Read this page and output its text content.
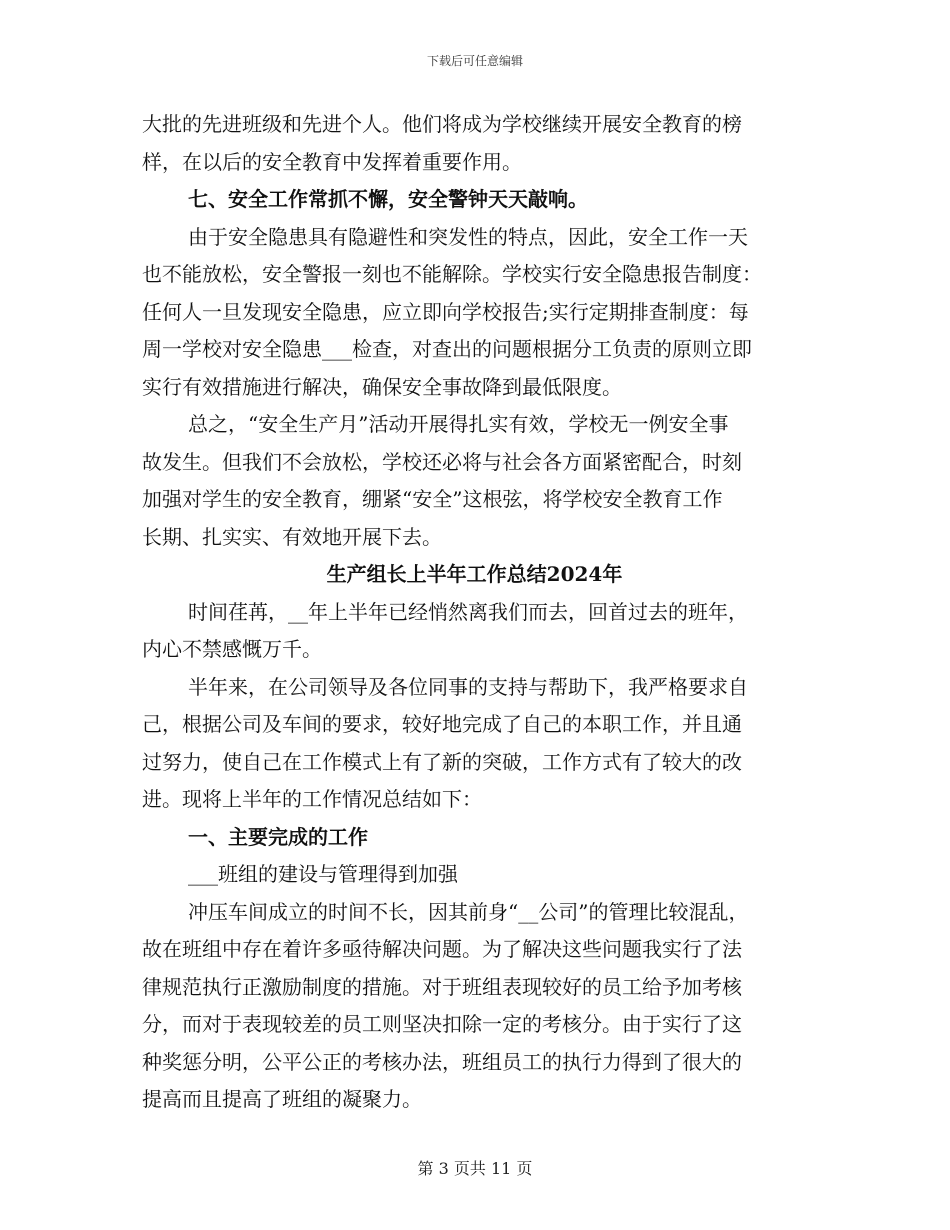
下载后可任意编辑
大批的先进班级和先进个人。他们将成为学校继续开展安全教育的榜
样，在以后的安全教育中发挥着重要作用。
七、安全工作常抓不懈，安全警钟天天敲响。
由于安全隐患具有隐避性和突发性的特点，因此，安全工作一天
也不能放松，安全警报一刻也不能解除。学校实行安全隐患报告制度：
任何人一旦发现安全隐患，应立即向学校报告;实行定期排查制度：每
周一学校对安全隐患___检查，对查出的问题根据分工负责的原则立即
实行有效措施进行解决，确保安全事故降到最低限度。
总之，“安全生产月”活动开展得扎实有效，学校无一例安全事
故发生。但我们不会放松，学校还必将与社会各方面紧密配合，时刻
加强对学生的安全教育，绷紧“安全”这根弦，将学校安全教育工作
长期、扎实实、有效地开展下去。
生产组长上半年工作总结2024年
时间荏苒，__年上半年已经悄然离我们而去，回首过去的班年，
内心不禁感慨万千。
半年来，在公司领导及各位同事的支持与帮助下，我严格要求自
己，根据公司及车间的要求，较好地完成了自己的本职工作，并且通
过努力，使自己在工作模式上有了新的突破，工作方式有了较大的改
进。现将上半年的工作情况总结如下：
一、主要完成的工作
___班组的建设与管理得到加强
冲压车间成立的时间不长，因其前身“__公司”的管理比较混乱，
故在班组中存在着许多亟待解决问题。为了解决这些问题我实行了法
律规范执行正激励制度的措施。对于班组表现较好的员工给予加考核
分，而对于表现较差的员工则坚决扣除一定的考核分。由于实行了这
种奖惩分明，公平公正的考核办法，班组员工的执行力得到了很大的
提高而且提高了班组的凝聚力。
第 3 页共 11 页
